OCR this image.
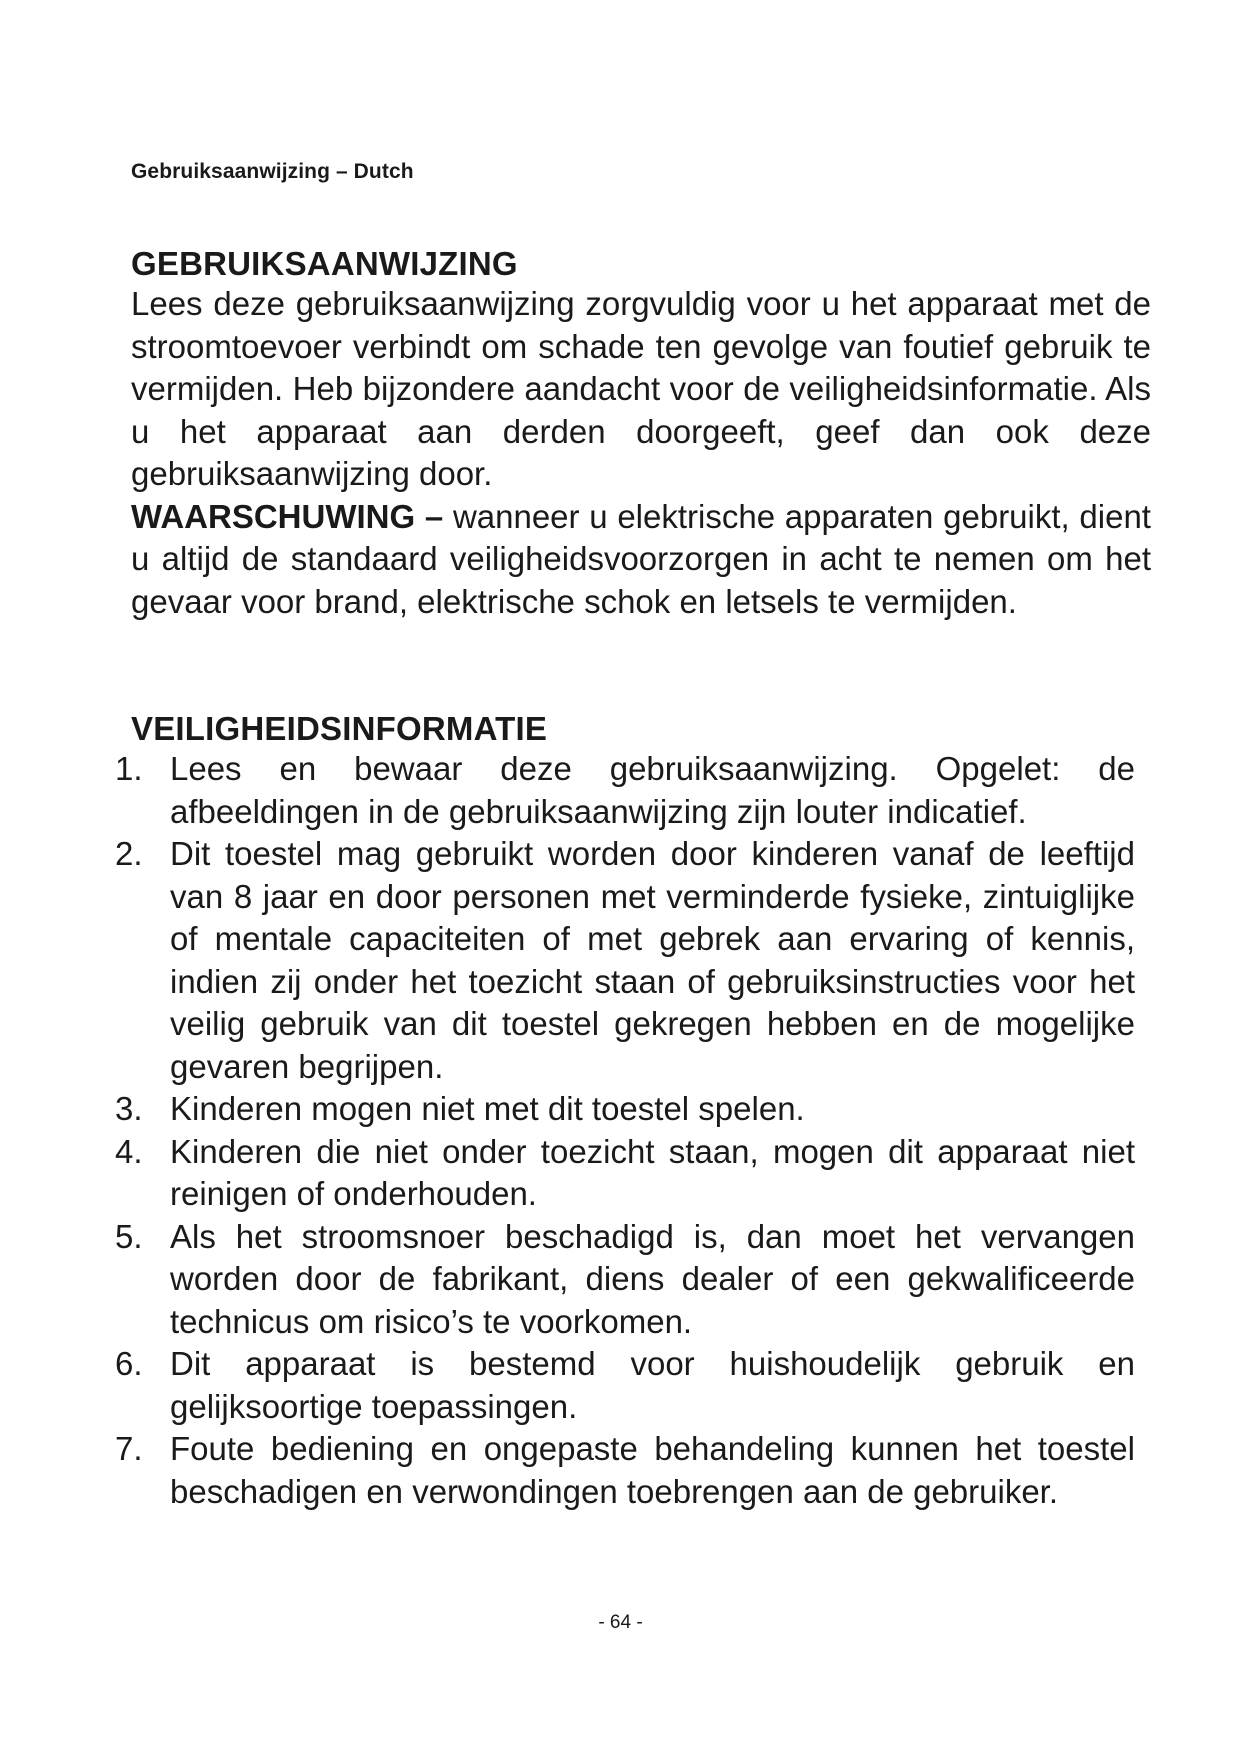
Gebruiksaanwijzing – Dutch
GEBRUIKSAANWIJZING

Lees deze gebruiksaanwijzing zorgvuldig voor u het apparaat met de stroomtoevoer verbindt om schade ten gevolge van foutief gebruik te vermijden. Heb bijzondere aandacht voor de veiligheidsinformatie. Als u het apparaat aan derden doorgeeft, geef dan ook deze gebruiksaanwijzing door.

WAARSCHUWING – wanneer u elektrische apparaten gebruikt, dient u altijd de standaard veiligheidsvoorzorgen in acht te nemen om het gevaar voor brand, elektrische schok en letsels te vermijden.

VEILIGHEIDSINFORMATIE
1. Lees en bewaar deze gebruiksaanwijzing. Opgelet: de afbeeldingen in de gebruiksaanwijzing zijn louter indicatief.
2. Dit toestel mag gebruikt worden door kinderen vanaf de leeftijd van 8 jaar en door personen met verminderde fysieke, zintuiglijke of mentale capaciteiten of met gebrek aan ervaring of kennis, indien zij onder het toezicht staan of gebruiksinstructies voor het veilig gebruik van dit toestel gekregen hebben en de mogelijke gevaren begrijpen.
3. Kinderen mogen niet met dit toestel spelen.
4. Kinderen die niet onder toezicht staan, mogen dit apparaat niet reinigen of onderhouden.
5. Als het stroomsnoer beschadigd is, dan moet het vervangen worden door de fabrikant, diens dealer of een gekwalificeerde technicus om risico’s te voorkomen.
6. Dit apparaat is bestemd voor huishoudelijk gebruik en gelijksoortige toepassingen.
7. Foute bediening en ongepaste behandeling kunnen het toestel beschadigen en verwondingen toebrengen aan de gebruiker.
- 64 -
